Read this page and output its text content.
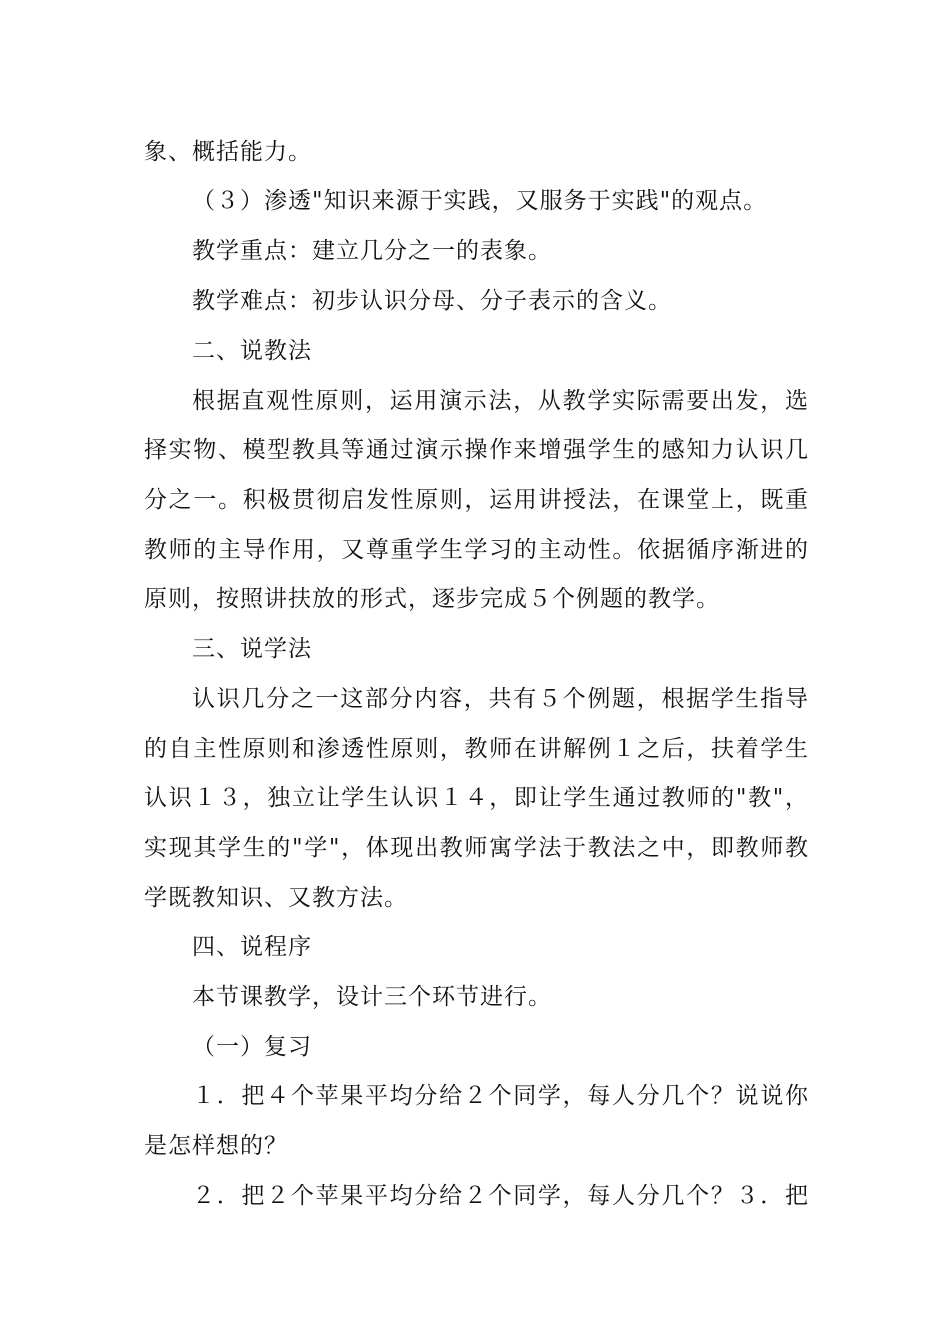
象、概括能力。
（３）渗透"知识来源于实践，又服务于实践"的观点。
教学重点：建立几分之一的表象。
教学难点：初步认识分母、分子表示的含义。
二、说教法
根据直观性原则，运用演示法，从教学实际需要出发，选
择实物、模型教具等通过演示操作来增强学生的感知力认识几
分之一。积极贯彻启发性原则，运用讲授法，在课堂上，既重
教师的主导作用，又尊重学生学习的主动性。依据循序渐进的
原则，按照讲扶放的形式，逐步完成５个例题的教学。
三、说学法
认识几分之一这部分内容，共有５个例题，根据学生指导
的自主性原则和渗透性原则，教师在讲解例１之后，扶着学生
认识１３，独立让学生认识１４，即让学生通过教师的"教"，
实现其学生的"学"，体现出教师寓学法于教法之中，即教师教
学既教知识、又教方法。
四、说程序
本节课教学，设计三个环节进行。
（一）复习
１．把４个苹果平均分给２个同学，每人分几个？说说你
是怎样想的？
２．把２个苹果平均分给２个同学，每人分几个？３．把
